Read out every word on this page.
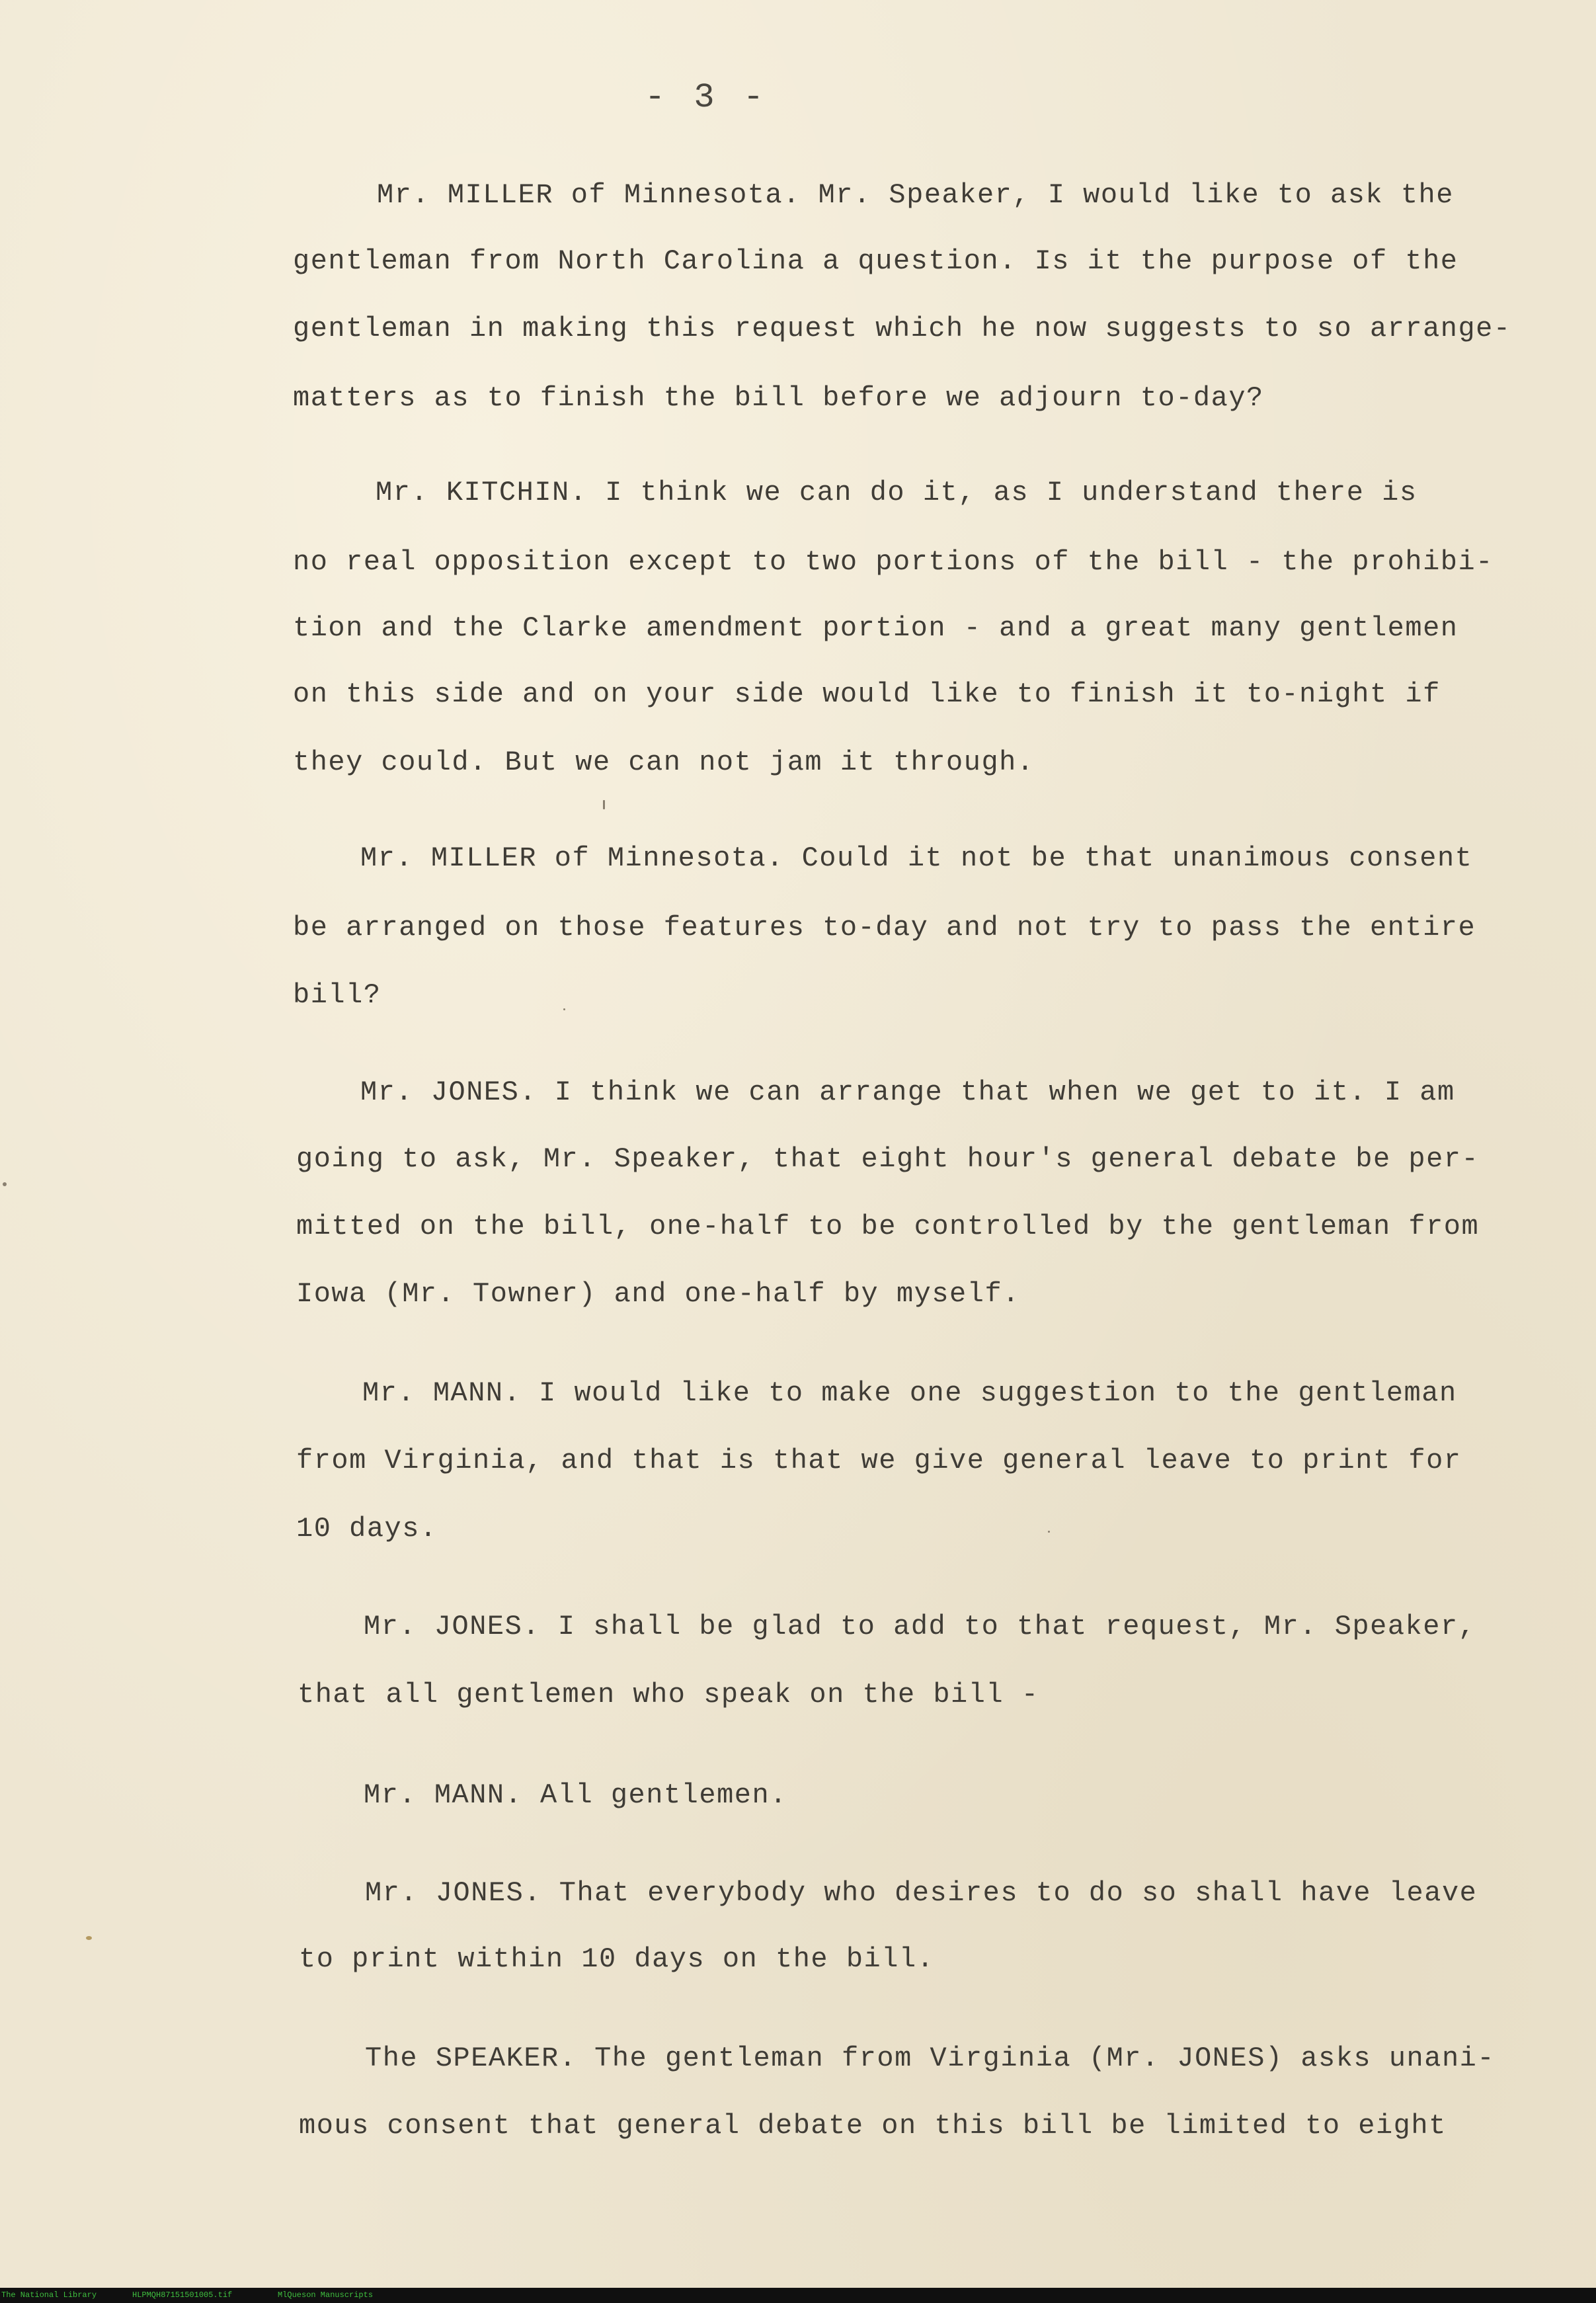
- 3 -
Mr. MILLER of Minnesota. Mr. Speaker, I would like to ask the
gentleman from North Carolina a question. Is it the purpose of the
gentleman in making this request which he now suggests to so arrange-
matters as to finish the bill before we adjourn to-day?
Mr. KITCHIN. I think we can do it, as I understand there is
no real opposition except to two portions of the bill - the prohibi-
tion and the Clarke amendment portion - and a great many gentlemen
on this side and on your side would like to finish it to-night if
they could. But we can not jam it through.
Mr. MILLER of Minnesota. Could it not be that unanimous consent
be arranged on those features to-day and not try to pass the entire
bill?
Mr. JONES. I think we can arrange that when we get to it. I am
going to ask, Mr. Speaker, that eight hour's general debate be per-
mitted on the bill, one-half to be controlled by the gentleman from
Iowa (Mr. Towner) and one-half by myself.
Mr. MANN. I would like to make one suggestion to the gentleman
from Virginia, and that is that we give general leave to print for
10 days.
Mr. JONES. I shall be glad to add to that request, Mr. Speaker,
that all gentlemen who speak on the bill -
Mr. MANN. All gentlemen.
Mr. JONES. That everybody who desires to do so shall have leave
to print within 10 days on the bill.
The SPEAKER. The gentleman from Virginia (Mr. JONES) asks unani-
mous consent that general debate on this bill be limited to eight
The National Library	HLPMQH87151501005.tif	MlQueson Manuscripts
